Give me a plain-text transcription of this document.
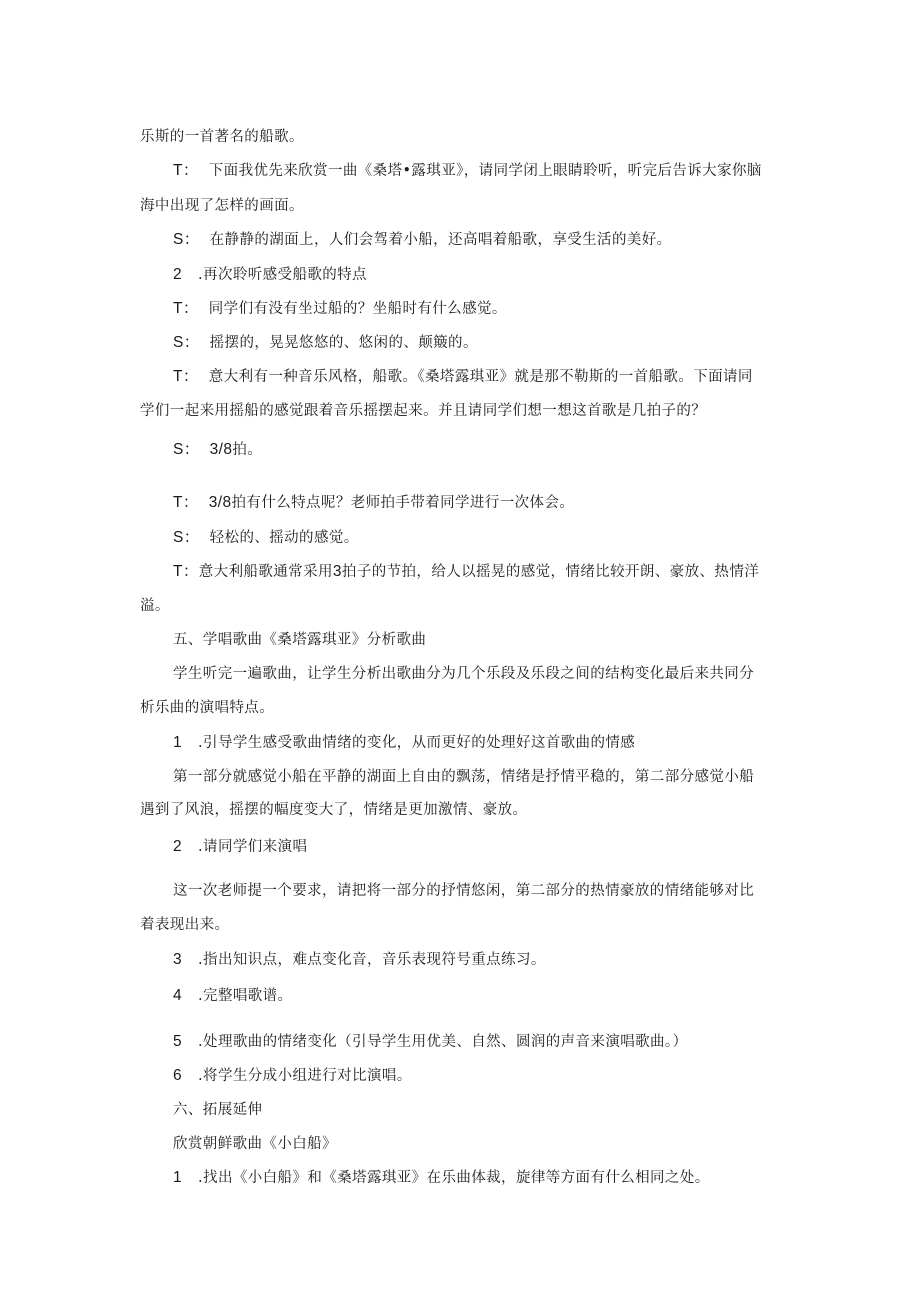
乐斯的一首著名的船歌。
T： 下面我优先来欣赏一曲《桑塔•露琪亚》，请同学闭上眼睛聆听，听完后告诉大家你脑
海中出现了怎样的画面。
S： 在静静的湖面上，人们会驾着小船，还高唱着船歌，享受生活的美好。
2 .再次聆听感受船歌的特点
T： 同学们有没有坐过船的？坐船时有什么感觉。
S： 摇摆的，晃晃悠悠的、悠闲的、颠簸的。
T： 意大利有一种音乐风格，船歌。《桑塔露琪亚》就是那不勒斯的一首船歌。下面请同
学们一起来用摇船的感觉跟着音乐摇摆起来。并且请同学们想一想这首歌是几拍子的？
S： 3/8拍。
T： 3/8拍有什么特点呢？老师拍手带着同学进行一次体会。
S： 轻松的、摇动的感觉。
T：意大利船歌通常采用3拍子的节拍，给人以摇晃的感觉，情绪比较开朗、豪放、热情洋
溢。
五、学唱歌曲《桑塔露琪亚》分析歌曲
学生听完一遍歌曲，让学生分析出歌曲分为几个乐段及乐段之间的结构变化最后来共同分
析乐曲的演唱特点。
1 .引导学生感受歌曲情绪的变化，从而更好的处理好这首歌曲的情感
第一部分就感觉小船在平静的湖面上自由的飘荡，情绪是抒情平稳的，第二部分感觉小船
遇到了风浪，摇摆的幅度变大了，情绪是更加激情、豪放。
2 .请同学们来演唱
这一次老师提一个要求，请把将一部分的抒情悠闲，第二部分的热情豪放的情绪能够对比
着表现出来。
3 .指出知识点，难点变化音，音乐表现符号重点练习。
4 .完整唱歌谱。
5 .处理歌曲的情绪变化（引导学生用优美、自然、圆润的声音来演唱歌曲。）
6 .将学生分成小组进行对比演唱。
六、拓展延伸
欣赏朝鲜歌曲《小白船》
1 .找出《小白船》和《桑塔露琪亚》在乐曲体裁，旋律等方面有什么相同之处。
